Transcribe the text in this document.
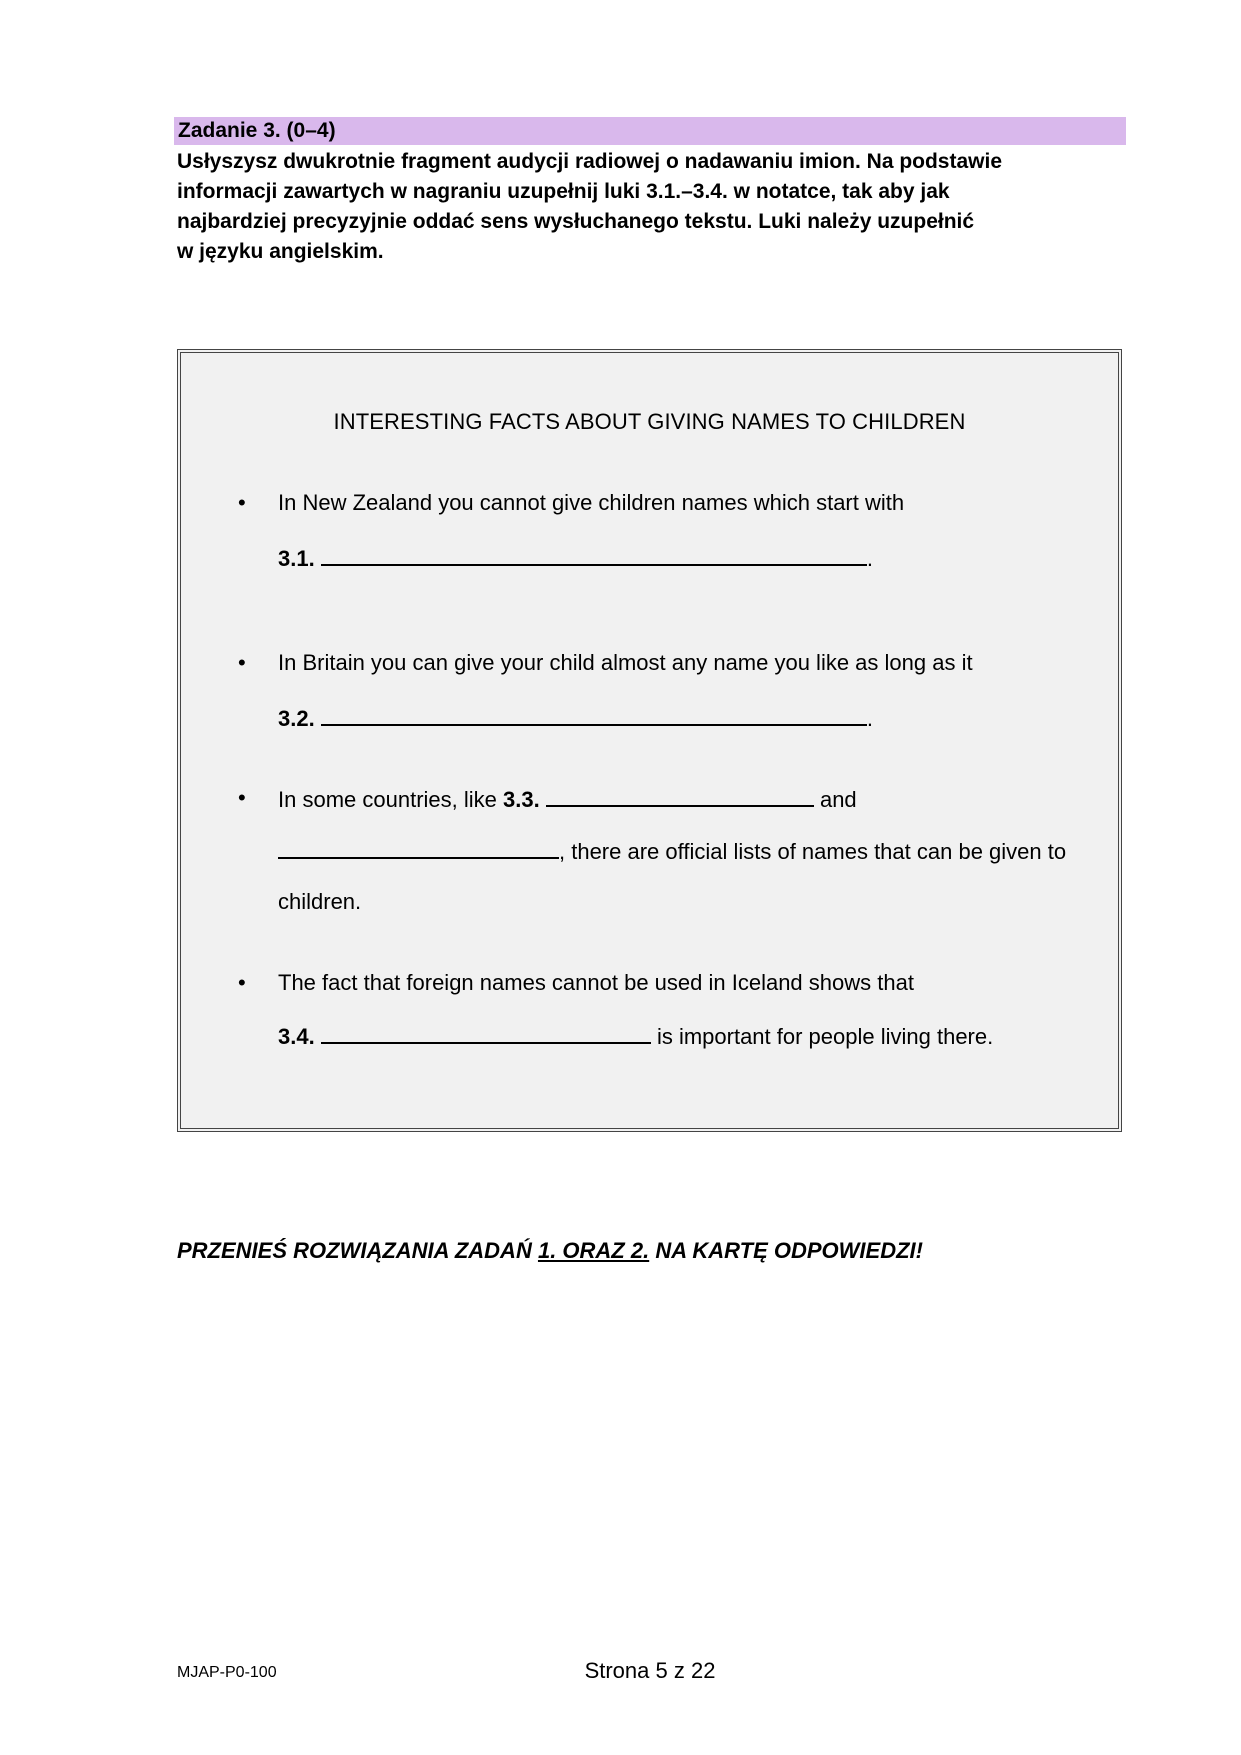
Zadanie 3. (0–4)
Usłyszysz dwukrotnie fragment audycji radiowej o nadawaniu imion. Na podstawie
informacji zawartych w nagraniu uzupełnij luki 3.1.–3.4. w notatce, tak aby jak
najbardziej precyzyjnie oddać sens wysłuchanego tekstu. Luki należy uzupełnić
w języku angielskim.
INTERESTING FACTS ABOUT GIVING NAMES TO CHILDREN
• In New Zealand you cannot give children names which start with
3.1.	.
• In Britain you can give your child almost any name you like as long as it
3.2.	.
• In some countries, like 3.3.	and
, there are official lists of names that can be given to
children.
• The fact that foreign names cannot be used in Iceland shows that
3.4.	is important for people living there.
PRZENIEŚ ROZWIĄZANIA ZADAŃ 1. ORAZ 2. NA KARTĘ ODPOWIEDZI!
MJAP-P0-100	Strona 5 z 22
